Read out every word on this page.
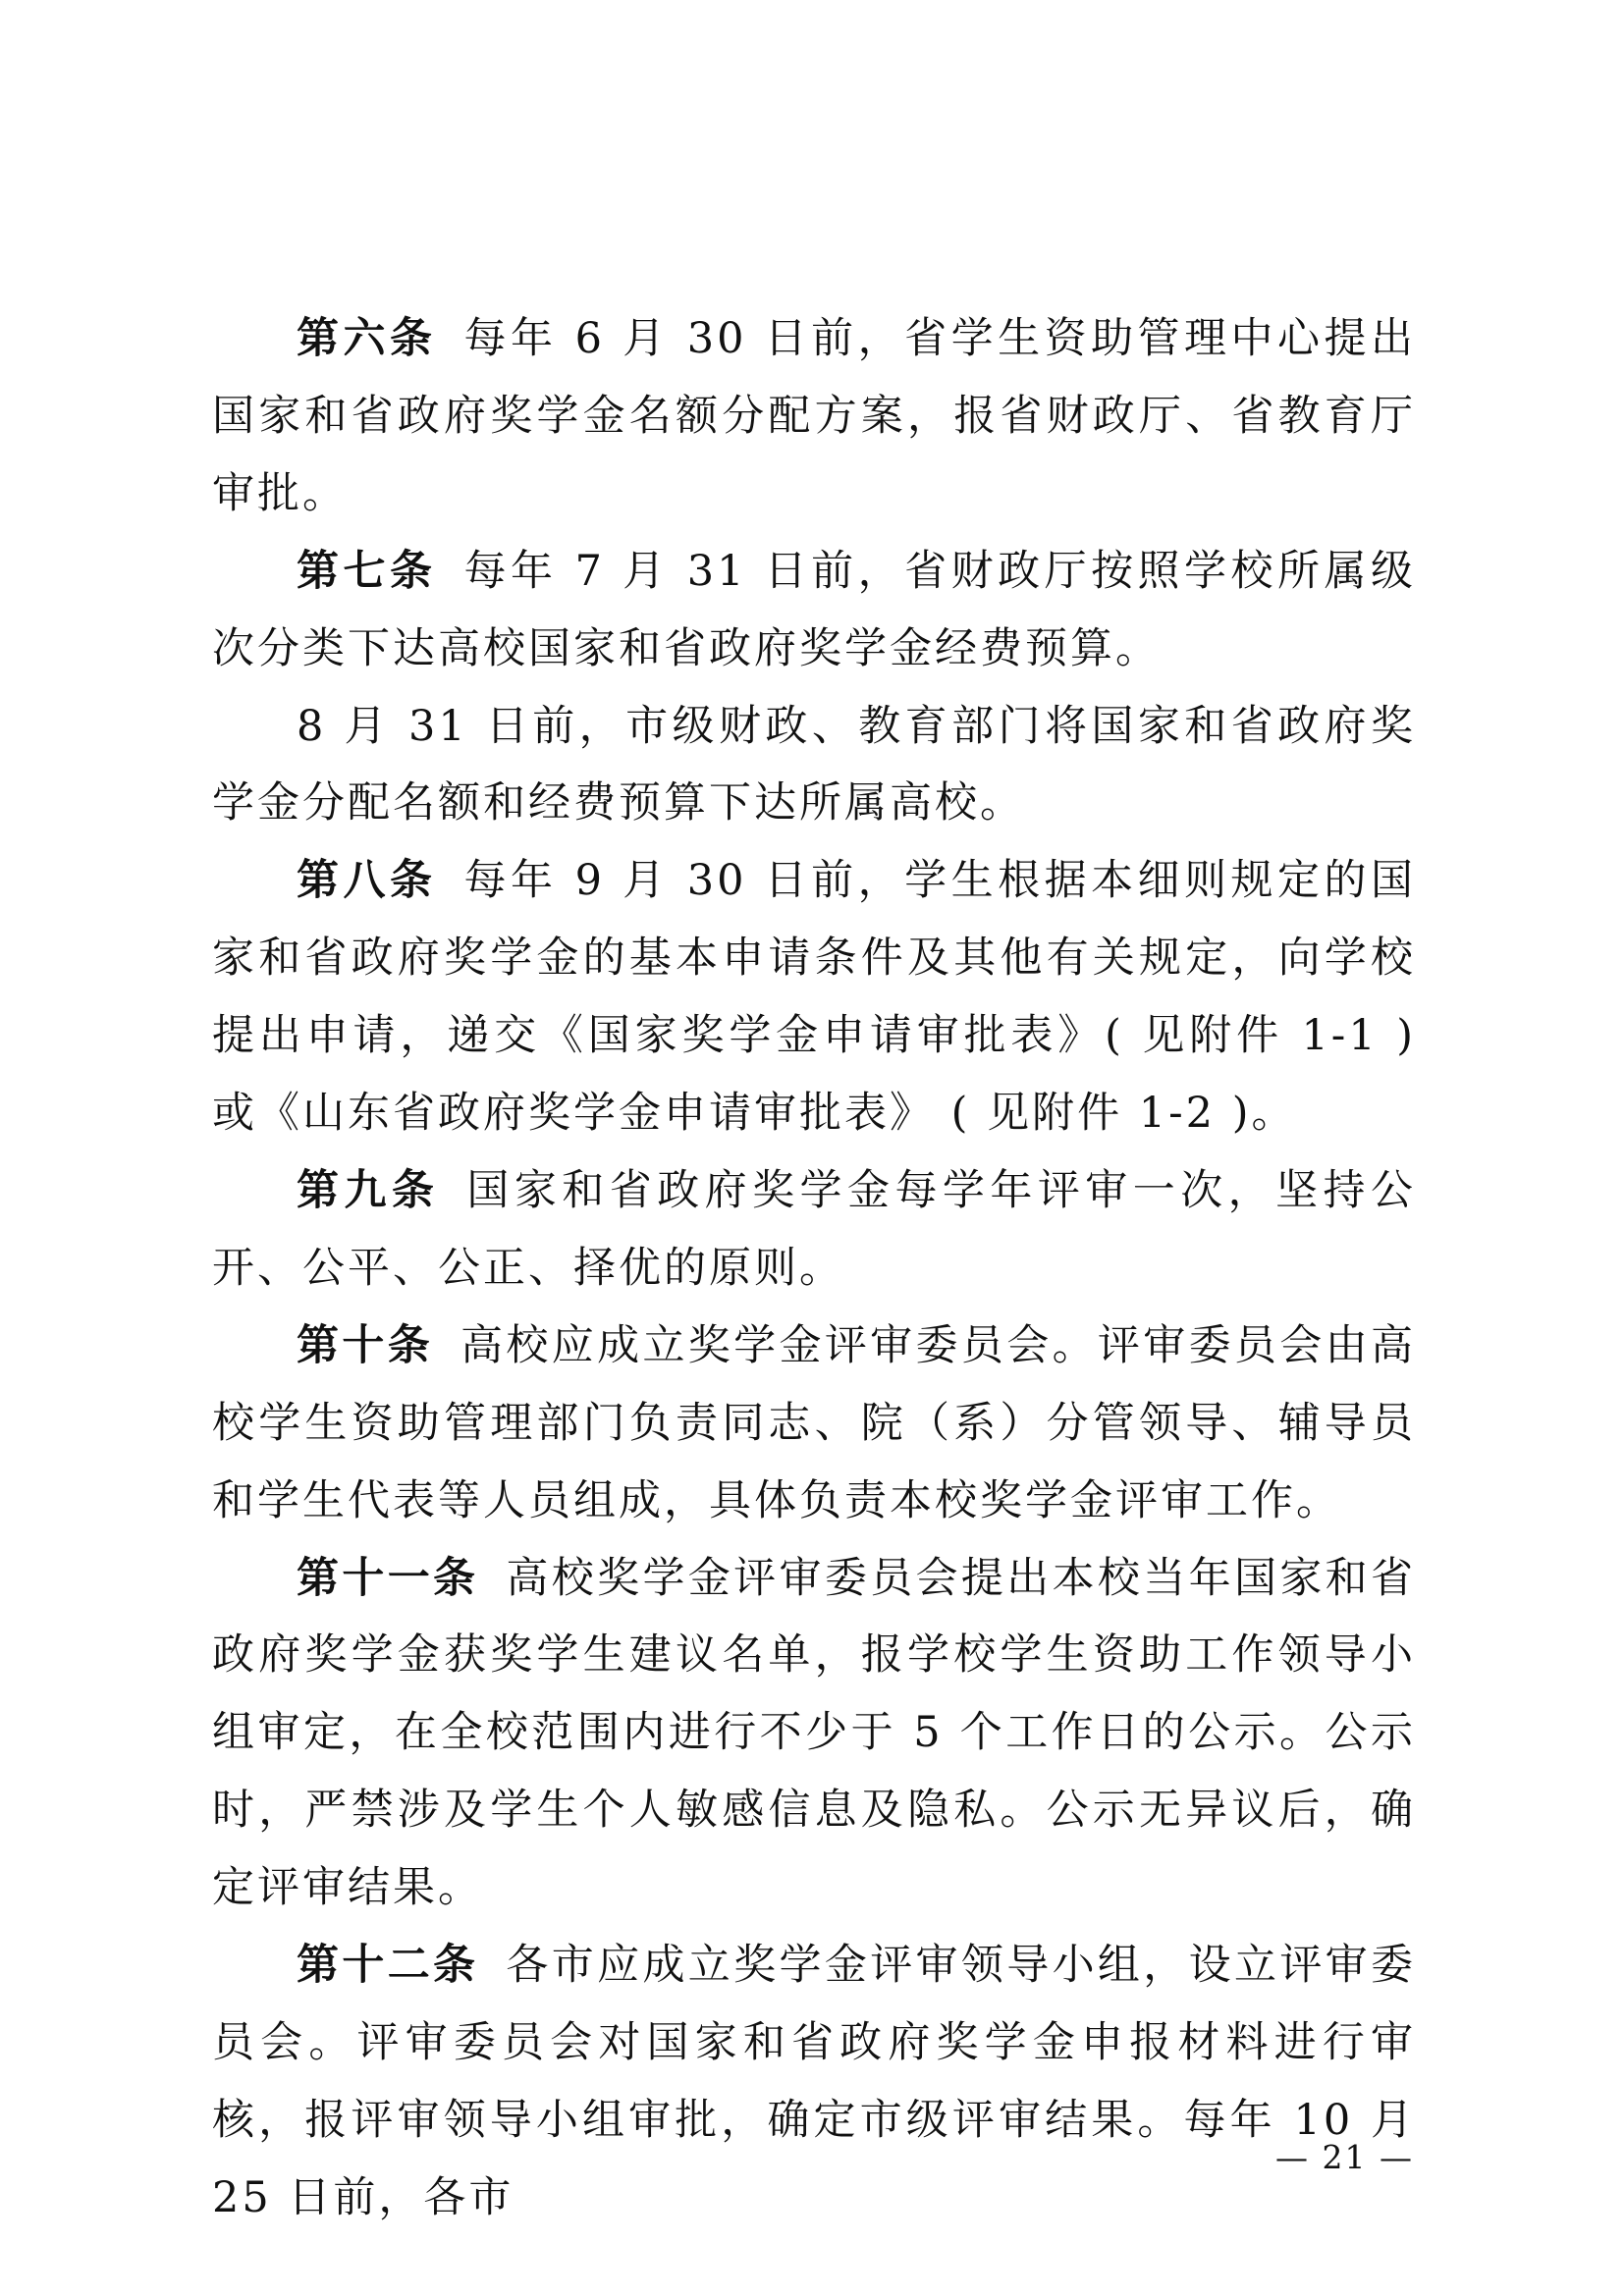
第六条 每年 6 月 30 日前，省学生资助管理中心提出国家和省政府奖学金名额分配方案，报省财政厅、省教育厅审批。

第七条 每年 7 月 31 日前，省财政厅按照学校所属级次分类下达高校国家和省政府奖学金经费预算。

8 月 31 日前，市级财政、教育部门将国家和省政府奖学金分配名额和经费预算下达所属高校。

第八条 每年 9 月 30 日前，学生根据本细则规定的国家和省政府奖学金的基本申请条件及其他有关规定，向学校提出申请，递交《国家奖学金申请审批表》( 见附件 1-1 ) 或《山东省政府奖学金申请审批表》 ( 见附件 1-2 )。

第九条 国家和省政府奖学金每学年评审一次，坚持公开、公平、公正、择优的原则。

第十条 高校应成立奖学金评审委员会。评审委员会由高校学生资助管理部门负责同志、院（系）分管领导、辅导员和学生代表等人员组成，具体负责本校奖学金评审工作。

第十一条 高校奖学金评审委员会提出本校当年国家和省政府奖学金获奖学生建议名单，报学校学生资助工作领导小组审定，在全校范围内进行不少于 5 个工作日的公示。公示时，严禁涉及学生个人敏感信息及隐私。公示无异议后，确定评审结果。

第十二条 各市应成立奖学金评审领导小组，设立评审委员会。评审委员会对国家和省政府奖学金申报材料进行审核，报评审领导小组审批，确定市级评审结果。每年 10 月 25 日前，各市

— 21 —
